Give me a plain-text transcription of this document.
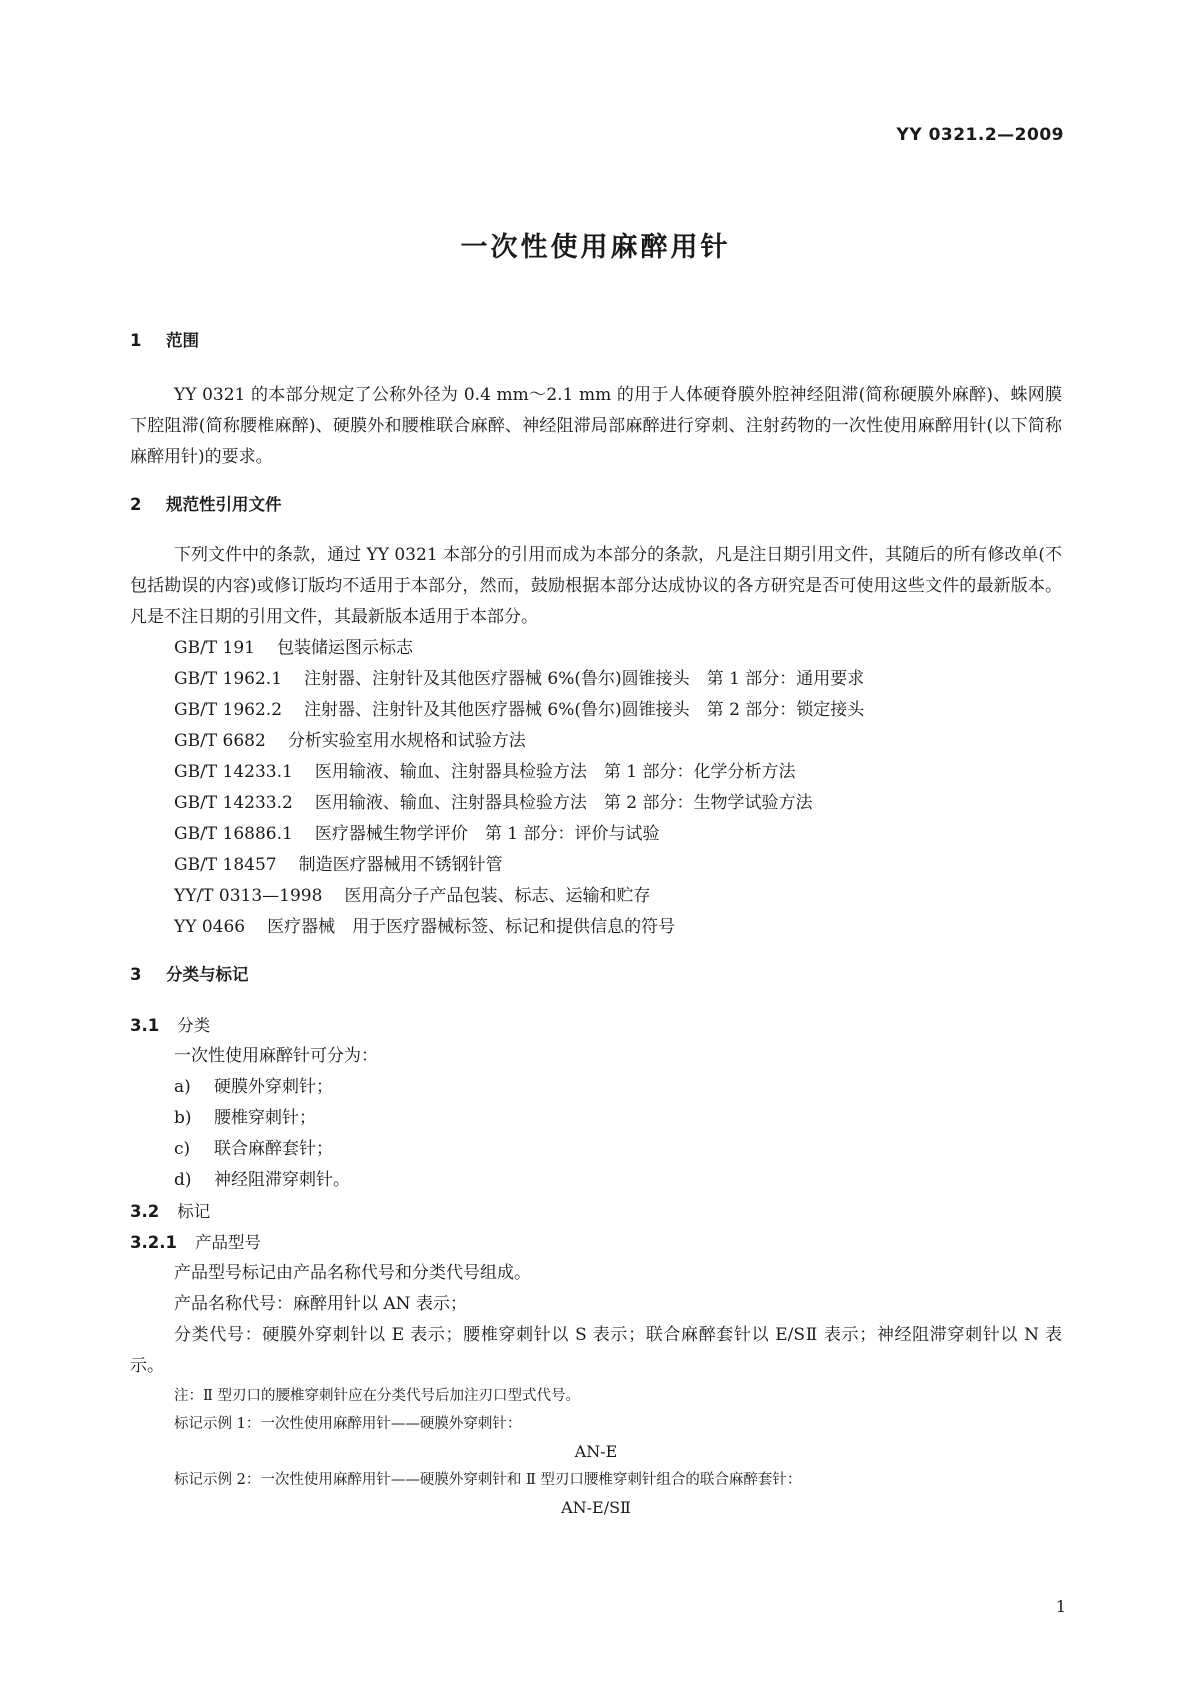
YY 0321.2—2009
一次性使用麻醉用针
1 范围

YY 0321 的本部分规定了公称外径为 0.4 mm～2.1 mm 的用于人体硬脊膜外腔神经阻滞(简称硬膜外麻醉)、蛛网膜下腔阻滞(简称腰椎麻醉)、硬膜外和腰椎联合麻醉、神经阻滞局部麻醉进行穿刺、注射药物的一次性使用麻醉用针(以下简称麻醉用针)的要求。

2 规范性引用文件

下列文件中的条款，通过 YY 0321 本部分的引用而成为本部分的条款，凡是注日期引用文件，其随后的所有修改单(不包括勘误的内容)或修订版均不适用于本部分，然而，鼓励根据本部分达成协议的各方研究是否可使用这些文件的最新版本。凡是不注日期的引用文件，其最新版本适用于本部分。

GB/T 191 包装储运图示标志

GB/T 1962.1 注射器、注射针及其他医疗器械 6%(鲁尔)圆锥接头　第 1 部分：通用要求

GB/T 1962.2 注射器、注射针及其他医疗器械 6%(鲁尔)圆锥接头　第 2 部分：锁定接头

GB/T 6682 分析实验室用水规格和试验方法

GB/T 14233.1 医用输液、输血、注射器具检验方法　第 1 部分：化学分析方法

GB/T 14233.2 医用输液、输血、注射器具检验方法　第 2 部分：生物学试验方法

GB/T 16886.1 医疗器械生物学评价　第 1 部分：评价与试验

GB/T 18457 制造医疗器械用不锈钢针管

YY/T 0313—1998 医用高分子产品包装、标志、运输和贮存

YY 0466 医疗器械　用于医疗器械标签、标记和提供信息的符号

3 分类与标记
3.1 分类

一次性使用麻醉针可分为：

a) 硬膜外穿刺针；

b) 腰椎穿刺针；

c) 联合麻醉套针；

d) 神经阻滞穿刺针。

3.2 标记
3.2.1 产品型号

产品型号标记由产品名称代号和分类代号组成。

产品名称代号：麻醉用针以 AN 表示；

分类代号：硬膜外穿刺针以 E 表示；腰椎穿刺针以 S 表示；联合麻醉套针以 E/SⅡ 表示；神经阻滞穿刺针以 N 表示。

注：Ⅱ 型刃口的腰椎穿刺针应在分类代号后加注刃口型式代号。

标记示例 1：一次性使用麻醉用针——硬膜外穿刺针：

AN-E

标记示例 2：一次性使用麻醉用针——硬膜外穿刺针和 Ⅱ 型刃口腰椎穿刺针组合的联合麻醉套针：

AN-E/SⅡ

1
